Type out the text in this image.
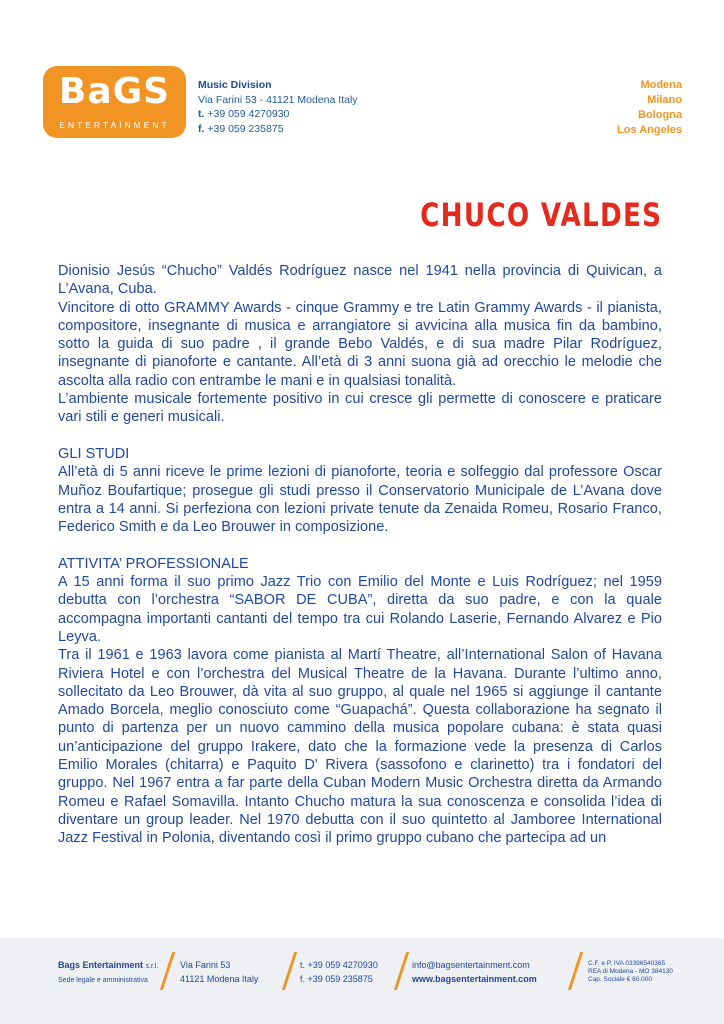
BaGS
ENTERTAINMENT
Music Division
Via Farini 53 - 41121 Modena Italy
t. +39 059 4270930
f. +39 059 235875
Modena
Milano
Bologna
Los Angeles
CHUCO VALDES

Dionisio Jesús “Chucho” Valdés Rodríguez nasce nel 1941 nella provincia di Quivican, a L’Avana, Cuba.

Vincitore di otto GRAMMY Awards - cinque Grammy e tre Latin Grammy Awards - il pianista, compositore, insegnante di musica e arrangiatore si avvicina alla musica fin da bambino, sotto la guida di suo padre , il grande Bebo Valdés, e di sua madre Pilar Rodríguez, insegnante di pianoforte e cantante. All’età di 3 anni suona già ad orecchio le melodie che ascolta alla radio con entrambe le mani e in qualsiasi tonalità.

L’ambiente musicale fortemente positivo in cui cresce gli permette di conoscere e praticare vari stili e generi musicali.

GLI STUDI

All’età di 5 anni riceve le prime lezioni di pianoforte, teoria e solfeggio dal professore Oscar Muñoz Boufartique; prosegue gli studi presso il Conservatorio Municipale de L’Avana dove entra a 14 anni. Si perfeziona con lezioni private tenute da Zenaida Romeu, Rosario Franco, Federico Smith e da Leo Brouwer in composizione.

ATTIVITA’ PROFESSIONALE

A 15 anni forma il suo primo Jazz Trio con Emilio del Monte e Luis Rodríguez; nel 1959 debutta con l’orchestra “SABOR DE CUBA”, diretta da suo padre, e con la quale accompagna importanti cantanti del tempo tra cui Rolando Laserie, Fernando Alvarez e Pio Leyva.

Tra il 1961 e 1963 lavora come pianista al Martí Theatre, all’International Salon of Havana Riviera Hotel e con l’orchestra del Musical Theatre de la Havana. Durante l’ultimo anno, sollecitato da Leo Brouwer, dà vita al suo gruppo, al quale nel 1965 si aggiunge il cantante Amado Borcela, meglio conosciuto come “Guapachá”. Questa collaborazione ha segnato il punto di partenza per un nuovo cammino della musica popolare cubana: è stata quasi un’anticipazione del gruppo Irakere, dato che la formazione vede la presenza di Carlos Emilio Morales (chitarra) e Paquito D' Rivera (sassofono e clarinetto) tra i fondatori del gruppo. Nel 1967 entra a far parte della Cuban Modern Music Orchestra diretta da Armando Romeu e Rafael Somavilla. Intanto Chucho matura la sua conoscenza e consolida l’idea di diventare un group leader. Nel 1970 debutta con il suo quintetto al Jamboree International Jazz Festival in Polonia, diventando così il primo gruppo cubano che partecipa ad un

Bags Entertainment s.r.l.
Sede legale e amministrativa
Via Farini 53
41121 Modena Italy
t. +39 059 4270930
f. +39 059 235875
info@bagsentertainment.com
www.bagsentertainment.com
C.F. e P. IVA 03396540365
REA di Modena - MO 384130
Cap. Sociale € 60.000
